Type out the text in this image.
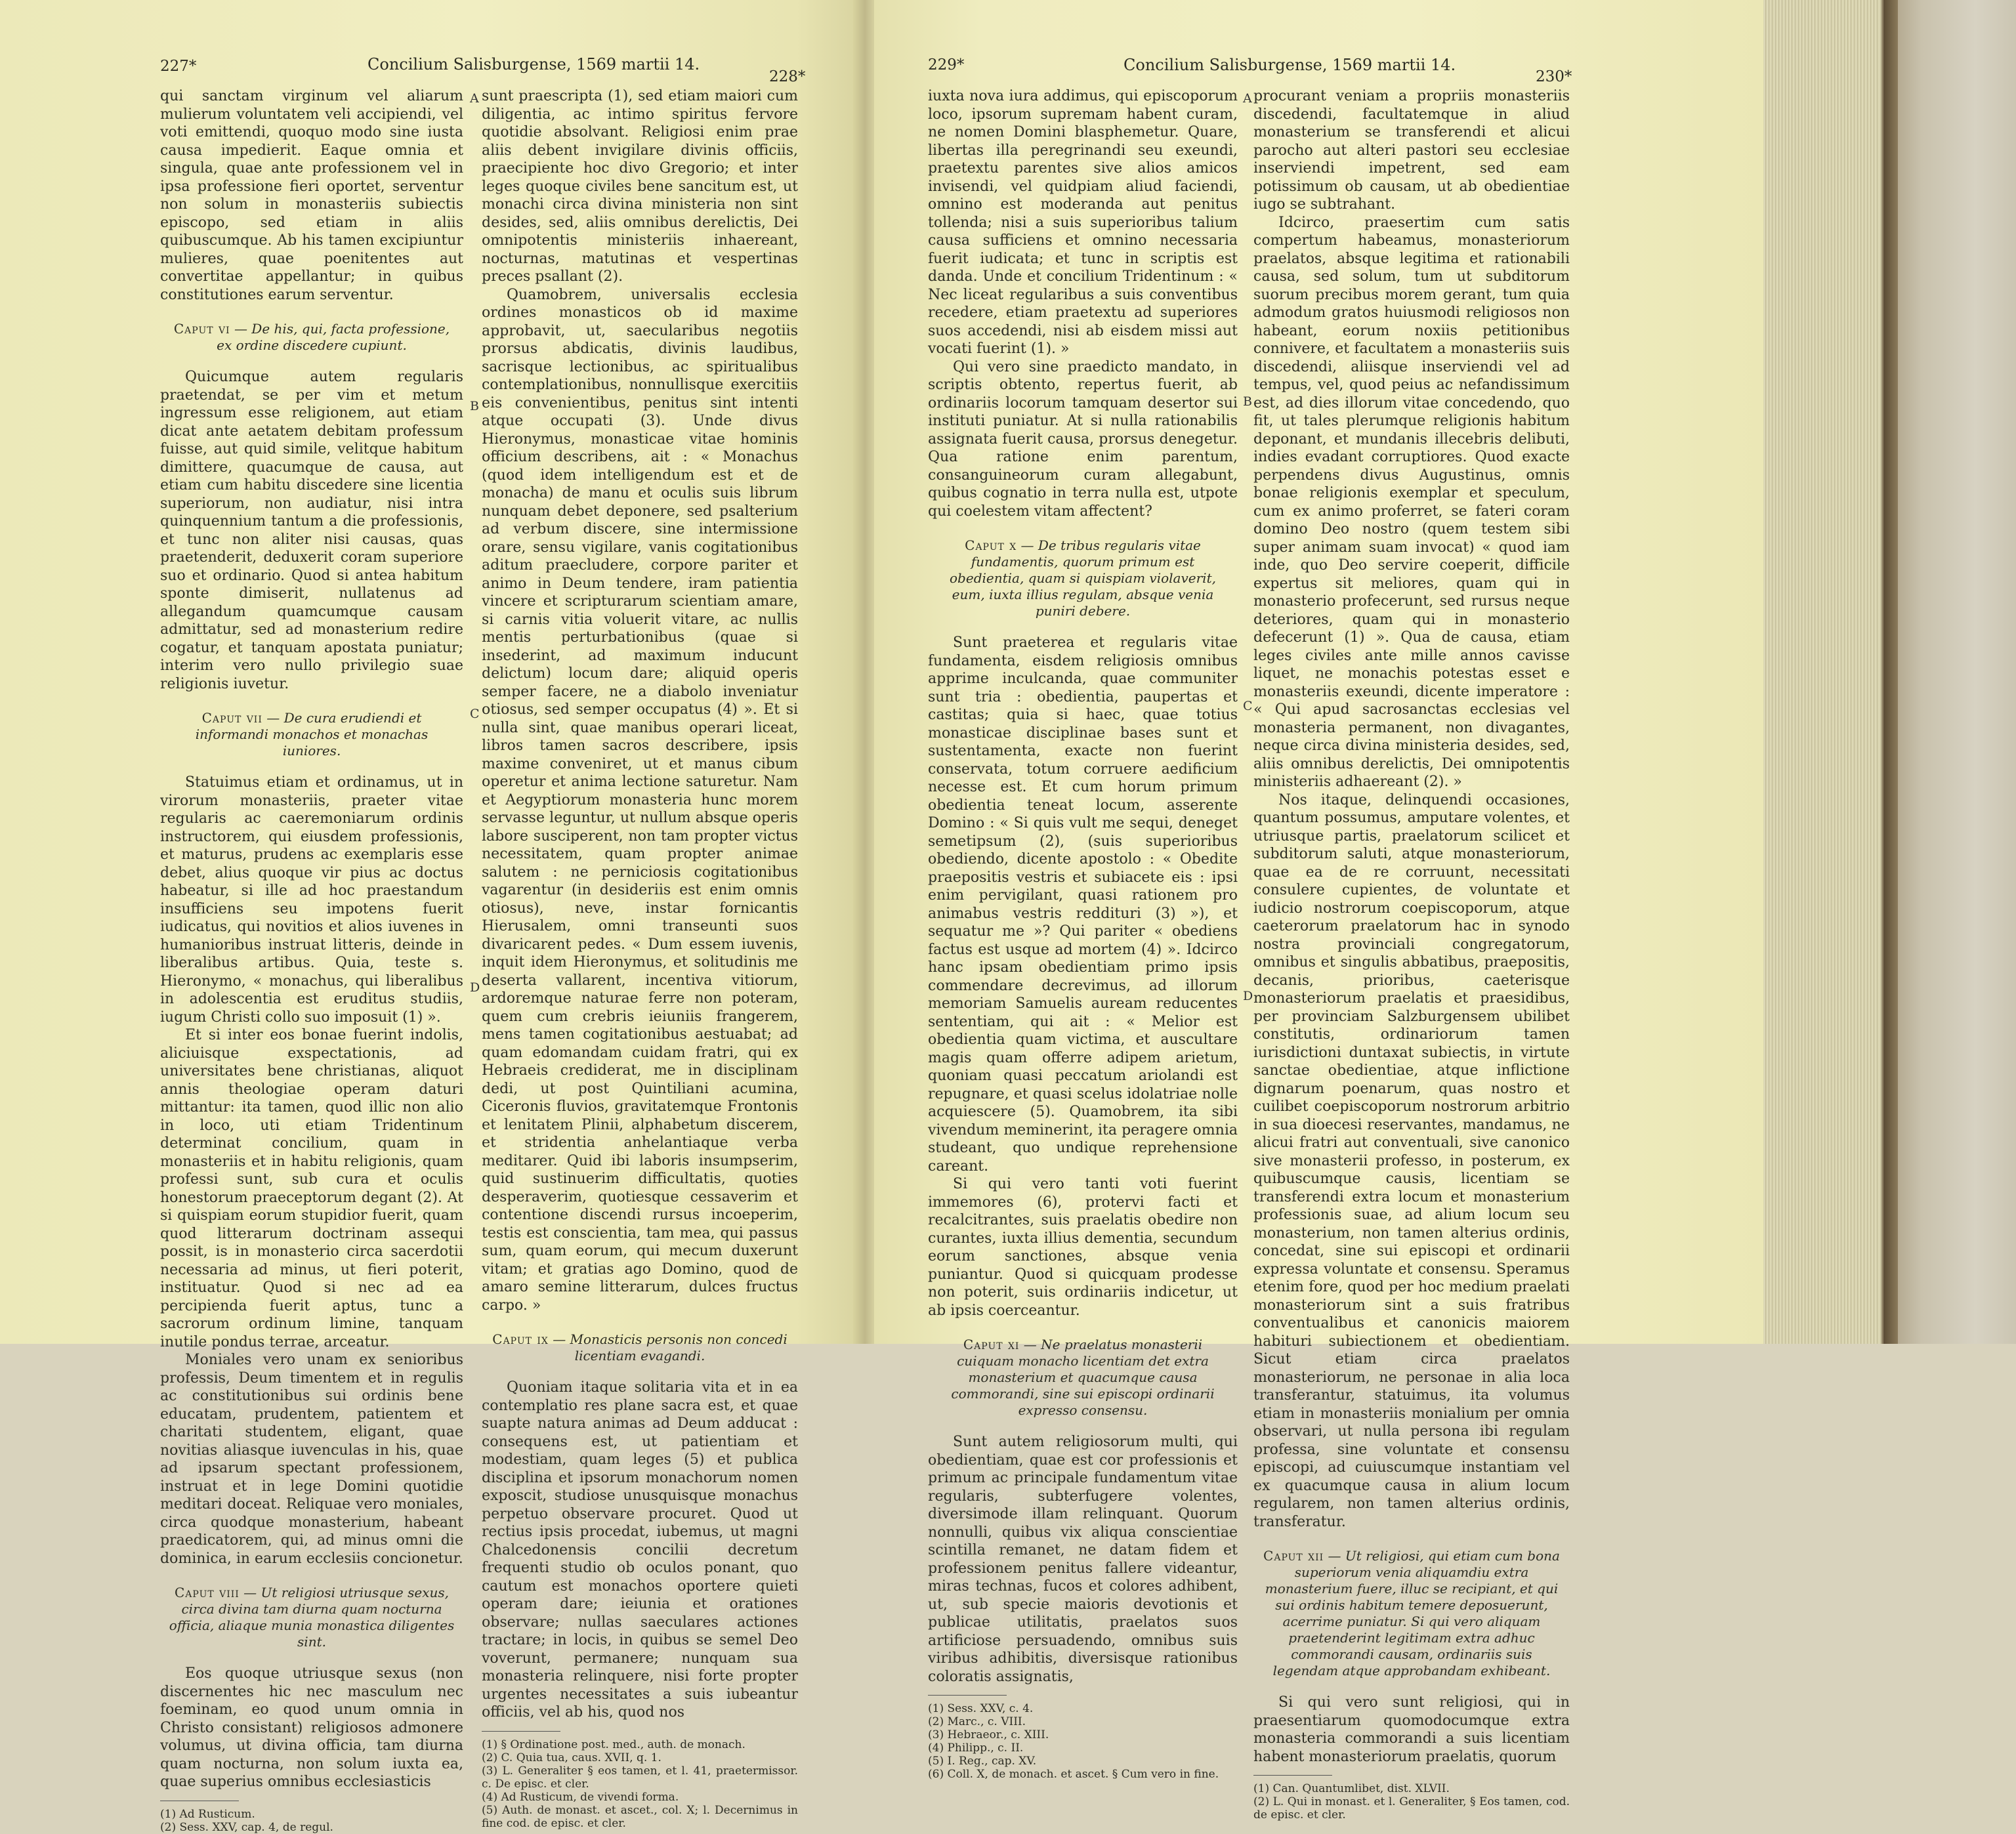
227*	Concilium Salisburgense, 1569 martii 14.
228*

qui sanctam virginum vel aliarum mulierum voluntatem veli accipiendi, vel voti emittendi, quoquo modo sine iusta causa impedierit. Eaque omnia et singula, quae ante professionem vel in ipsa professione fieri oportet, serventur non solum in monasteriis subiectis episcopo, sed etiam in aliis quibuscumque. Ab his tamen excipiuntur mulieres, quae poenitentes aut convertitae appellantur; in quibus constitutiones earum serventur.

Caput vi — De his, qui, facta professione, ex ordine discedere cupiunt.

Quicumque autem regularis praetendat, se per vim et metum ingressum esse religionem, aut etiam dicat ante aetatem debitam professum fuisse, aut quid simile, velitque habitum dimittere, quacumque de causa, aut etiam cum habitu discedere sine licentia superiorum, non audiatur, nisi intra quinquennium tantum a die professionis, et tunc non aliter nisi causas, quas praetenderit, deduxerit coram superiore suo et ordinario. Quod si antea habitum sponte dimiserit, nullatenus ad allegandum quamcumque causam admittatur, sed ad monasterium redire cogatur, et tanquam apostata puniatur; interim vero nullo privilegio suae religionis iuvetur.

Caput vii — De cura erudiendi et informandi monachos et monachas iuniores.

Statuimus etiam et ordinamus, ut in virorum monasteriis, praeter vitae regularis ac caeremoniarum ordinis instructorem, qui eiusdem professionis, et maturus, prudens ac exemplaris esse debet, alius quoque vir pius ac doctus habeatur, si ille ad hoc praestandum insufficiens seu impotens fuerit iudicatus, qui novitios et alios iuvenes in humanioribus instruat litteris, deinde in liberalibus artibus. Quia, teste s. Hieronymo, « monachus, qui liberalibus in adolescentia est eruditus studiis, iugum Christi collo suo imposuit (1) ».

Et si inter eos bonae fuerint indolis, aliciuisque exspectationis, ad universitates bene christianas, aliquot annis theologiae operam daturi mittantur: ita tamen, quod illic non alio in loco, uti etiam Tridentinum determinat concilium, quam in monasteriis et in habitu religionis, quam professi sunt, sub cura et oculis honestorum praeceptorum degant (2). At si quispiam eorum stupidior fuerit, quam quod litterarum doctrinam assequi possit, is in monasterio circa sacerdotii necessaria ad minus, ut fieri poterit, instituatur. Quod si nec ad ea percipienda fuerit aptus, tunc a sacrorum ordinum limine, tanquam inutile pondus terrae, arceatur.

Moniales vero unam ex senioribus professis, Deum timentem et in regulis ac constitutionibus sui ordinis bene educatam, prudentem, patientem et charitati studentem, eligant, quae novitias aliasque iuvenculas in his, quae ad ipsarum spectant professionem, instruat et in lege Domini quotidie meditari doceat. Reliquae vero moniales, circa quodque monasterium, habeant praedicatorem, qui, ad minus omni die dominica, in earum ecclesiis concionetur.

Caput viii — Ut religiosi utriusque sexus, circa divina tam diurna quam nocturna officia, aliaque munia monastica diligentes sint.

Eos quoque utriusque sexus (non discernentes hic nec masculum nec foeminam, eo quod unum omnia in Christo consistant) religiosos admonere volumus, ut divina officia, tam diurna quam nocturna, non solum iuxta ea, quae superius omnibus ecclesiasticis

(1) Ad Rusticum.

(2) Sess. XXV, cap. 4, de regul.

A
B
C
D

sunt praescripta (1), sed etiam maiori cum diligentia, ac intimo spiritus fervore quotidie absolvant. Religiosi enim prae aliis debent invigilare divinis officiis, praecipiente hoc divo Gregorio; et inter leges quoque civiles bene sancitum est, ut monachi circa divina ministeria non sint desides, sed, aliis omnibus derelictis, Dei omnipotentis ministeriis inhaereant, nocturnas, matutinas et vespertinas preces psallant (2).

Quamobrem, universalis ecclesia ordines monasticos ob id maxime approbavit, ut, saecularibus negotiis prorsus abdicatis, divinis laudibus, sacrisque lectionibus, ac spiritualibus contemplationibus, nonnullisque exercitiis eis convenientibus, penitus sint intenti atque occupati (3). Unde divus Hieronymus, monasticae vitae hominis officium describens, ait : « Monachus (quod idem intelligendum est et de monacha) de manu et oculis suis librum nunquam debet deponere, sed psalterium ad verbum discere, sine intermissione orare, sensu vigilare, vanis cogitationibus aditum praecludere, corpore pariter et animo in Deum tendere, iram patientia vincere et scripturarum scientiam amare, si carnis vitia voluerit vitare, ac nullis mentis perturbationibus (quae si insederint, ad maximum inducunt delictum) locum dare; aliquid operis semper facere, ne a diabolo inveniatur otiosus, sed semper occupatus (4) ». Et si nulla sint, quae manibus operari liceat, libros tamen sacros describere, ipsis maxime conveniret, ut et manus cibum operetur et anima lectione saturetur. Nam et Aegyptiorum monasteria hunc morem servasse leguntur, ut nullum absque operis labore susciperent, non tam propter victus necessitatem, quam propter animae salutem : ne perniciosis cogitationibus vagarentur (in desideriis est enim omnis otiosus), neve, instar fornicantis Hierusalem, omni transeunti suos divaricarent pedes. « Dum essem iuvenis, inquit idem Hieronymus, et solitudinis me deserta vallarent, incentiva vitiorum, ardoremque naturae ferre non poteram, quem cum crebris ieiuniis frangerem, mens tamen cogitationibus aestuabat; ad quam edomandam cuidam fratri, qui ex Hebraeis crediderat, me in disciplinam dedi, ut post Quintiliani acumina, Ciceronis fluvios, gravitatemque Frontonis et lenitatem Plinii, alphabetum discerem, et stridentia anhelantiaque verba meditarer. Quid ibi laboris insumpserim, quid sustinuerim difficultatis, quoties desperaverim, quotiesque cessaverim et contentione discendi rursus incoeperim, testis est conscientia, tam mea, qui passus sum, quam eorum, qui mecum duxerunt vitam; et gratias ago Domino, quod de amaro semine litterarum, dulces fructus carpo. »

Caput ix — Monasticis personis non concedi licentiam evagandi.

Quoniam itaque solitaria vita et in ea contemplatio res plane sacra est, et quae suapte natura animas ad Deum adducat : consequens est, ut patientiam et modestiam, quam leges (5) et publica disciplina et ipsorum monachorum nomen exposcit, studiose unusquisque monachus perpetuo observare procuret. Quod ut rectius ipsis procedat, iubemus, ut magni Chalcedonensis concilii decretum frequenti studio ob oculos ponant, quo cautum est monachos oportere quieti operam dare; ieiunia et orationes observare; nullas saeculares actiones tractare; in locis, in quibus se semel Deo voverunt, permanere; nunquam sua monasteria relinquere, nisi forte propter urgentes necessitates a suis iubeantur officiis, vel ab his, quod nos

(1) § Ordinatione post. med., auth. de monach.

(2) C. Quia tua, caus. XVII, q. 1.

(3) L. Generaliter § eos tamen, et l. 41, praetermissor. c. De episc. et cler.

(4) Ad Rusticum, de vivendi forma.

(5) Auth. de monast. et ascet., col. X; l. Decernimus in fine cod. de episc. et cler.

229*	Concilium Salisburgense, 1569 martii 14.
230*

iuxta nova iura addimus, qui episcoporum loco, ipsorum supremam habent curam, ne nomen Domini blasphemetur. Quare, libertas illa peregrinandi seu exeundi, praetextu parentes sive alios amicos invisendi, vel quidpiam aliud faciendi, omnino est moderanda aut penitus tollenda; nisi a suis superioribus talium causa sufficiens et omnino necessaria fuerit iudicata; et tunc in scriptis est danda. Unde et concilium Tridentinum : « Nec liceat regularibus a suis conventibus recedere, etiam praetextu ad superiores suos accedendi, nisi ab eisdem missi aut vocati fuerint (1). »

Qui vero sine praedicto mandato, in scriptis obtento, repertus fuerit, ab ordinariis locorum tamquam desertor sui instituti puniatur. At si nulla rationabilis assignata fuerit causa, prorsus denegetur. Qua ratione enim parentum, consanguineorum curam allegabunt, quibus cognatio in terra nulla est, utpote qui coelestem vitam affectent?

Caput x — De tribus regularis vitae fundamentis, quorum primum est obedientia, quam si quispiam violaverit, eum, iuxta illius regulam, absque venia puniri debere.

Sunt praeterea et regularis vitae fundamenta, eisdem religiosis omnibus apprime inculcanda, quae communiter sunt tria : obedientia, paupertas et castitas; quia si haec, quae totius monasticae disciplinae bases sunt et sustentamenta, exacte non fuerint conservata, totum corruere aedificium necesse est. Et cum horum primum obedientia teneat locum, asserente Domino : « Si quis vult me sequi, deneget semetipsum (2), (suis superioribus obediendo, dicente apostolo : « Obedite praepositis vestris et subiacete eis : ipsi enim pervigilant, quasi rationem pro animabus vestris reddituri (3) »), et sequatur me »? Qui pariter « obediens factus est usque ad mortem (4) ». Idcirco hanc ipsam obedientiam primo ipsis commendare decrevimus, ad illorum memoriam Samuelis auream reducentes sententiam, qui ait : « Melior est obedientia quam victima, et auscultare magis quam offerre adipem arietum, quoniam quasi peccatum ariolandi est repugnare, et quasi scelus idolatriae nolle acquiescere (5). Quamobrem, ita sibi vivendum meminerint, ita peragere omnia studeant, quo undique reprehensione careant.

Si qui vero tanti voti fuerint immemores (6), protervi facti et recalcitrantes, suis praelatis obedire non curantes, iuxta illius dementia, secundum eorum sanctiones, absque venia puniantur. Quod si quicquam prodesse non poterit, suis ordinariis indicetur, ut ab ipsis coerceantur.

Caput xi — Ne praelatus monasterii cuiquam monacho licentiam det extra monasterium et quacumque causa commorandi, sine sui episcopi ordinarii expresso consensu.

Sunt autem religiosorum multi, qui obedientiam, quae est cor professionis et primum ac principale fundamentum vitae regularis, subterfugere volentes, diversimode illam relinquant. Quorum nonnulli, quibus vix aliqua conscientiae scintilla remanet, ne datam fidem et professionem penitus fallere videantur, miras technas, fucos et colores adhibent, ut, sub specie maioris devotionis et publicae utilitatis, praelatos suos artificiose persuadendo, omnibus suis viribus adhibitis, diversisque rationibus coloratis assignatis,

(1) Sess. XXV, c. 4.

(2) Marc., c. VIII.

(3) Hebraeor., c. XIII.

(4) Philipp., c. II.

(5) I. Reg., cap. XV.

(6) Coll. X, de monach. et ascet. § Cum vero in fine.

A
B
C
D

procurant veniam a propriis monasteriis discedendi, facultatemque in aliud monasterium se transferendi et alicui parocho aut alteri pastori seu ecclesiae inserviendi impetrent, sed eam potissimum ob causam, ut ab obedientiae iugo se subtrahant.

Idcirco, praesertim cum satis compertum habeamus, monasteriorum praelatos, absque legitima et rationabili causa, sed solum, tum ut subditorum suorum precibus morem gerant, tum quia admodum gratos huiusmodi religiosos non habeant, eorum noxiis petitionibus connivere, et facultatem a monasteriis suis discedendi, aliisque inserviendi vel ad tempus, vel, quod peius ac nefandissimum est, ad dies illorum vitae concedendo, quo fit, ut tales plerumque religionis habitum deponant, et mundanis illecebris delibuti, indies evadant corruptiores. Quod exacte perpendens divus Augustinus, omnis bonae religionis exemplar et speculum, cum ex animo proferret, se fateri coram domino Deo nostro (quem testem sibi super animam suam invocat) « quod iam inde, quo Deo servire coeperit, difficile expertus sit meliores, quam qui in monasterio profecerunt, sed rursus neque deteriores, quam qui in monasterio defecerunt (1) ». Qua de causa, etiam leges civiles ante mille annos cavisse liquet, ne monachis potestas esset e monasteriis exeundi, dicente imperatore : « Qui apud sacrosanctas ecclesias vel monasteria permanent, non divagantes, neque circa divina ministeria desides, sed, aliis omnibus derelictis, Dei omnipotentis ministeriis adhaereant (2). »

Nos itaque, delinquendi occasiones, quantum possumus, amputare volentes, et utriusque partis, praelatorum scilicet et subditorum saluti, atque monasteriorum, quae ea de re corruunt, necessitati consulere cupientes, de voluntate et iudicio nostrorum coepiscoporum, atque caeterorum praelatorum hac in synodo nostra provinciali congregatorum, omnibus et singulis abbatibus, praepositis, decanis, prioribus, caeterisque monasteriorum praelatis et praesidibus, per provinciam Salzburgensem ubilibet constitutis, ordinariorum tamen iurisdictioni duntaxat subiectis, in virtute sanctae obedientiae, atque inflictione dignarum poenarum, quas nostro et cuilibet coepiscoporum nostrorum arbitrio in sua dioecesi reservantes, mandamus, ne alicui fratri aut conventuali, sive canonico sive monasterii professo, in posterum, ex quibuscumque causis, licentiam se transferendi extra locum et monasterium professionis suae, ad alium locum seu monasterium, non tamen alterius ordinis, concedat, sine sui episcopi et ordinarii expressa voluntate et consensu. Speramus etenim fore, quod per hoc medium praelati monasteriorum sint a suis fratribus conventualibus et canonicis maiorem habituri subiectionem et obedientiam. Sicut etiam circa praelatos monasteriorum, ne personae in alia loca transferantur, statuimus, ita volumus etiam in monasteriis monialium per omnia observari, ut nulla persona ibi regulam professa, sine voluntate et consensu episcopi, ad cuiuscumque instantiam vel ex quacumque causa in alium locum regularem, non tamen alterius ordinis, transferatur.

Caput xii — Ut religiosi, qui etiam cum bona superiorum venia aliquamdiu extra monasterium fuere, illuc se recipiant, et qui sui ordinis habitum temere deposuerunt, acerrime puniatur. Si qui vero aliquam praetenderint legitimam extra adhuc commorandi causam, ordinariis suis legendam atque approbandam exhibeant.

Si qui vero sunt religiosi, qui in praesentiarum quomodocumque extra monasteria commorandi a suis licentiam habent monasteriorum praelatis, quorum

(1) Can. Quantumlibet, dist. XLVII.

(2) L. Qui in monast. et l. Generaliter, § Eos tamen, cod. de episc. et cler.
